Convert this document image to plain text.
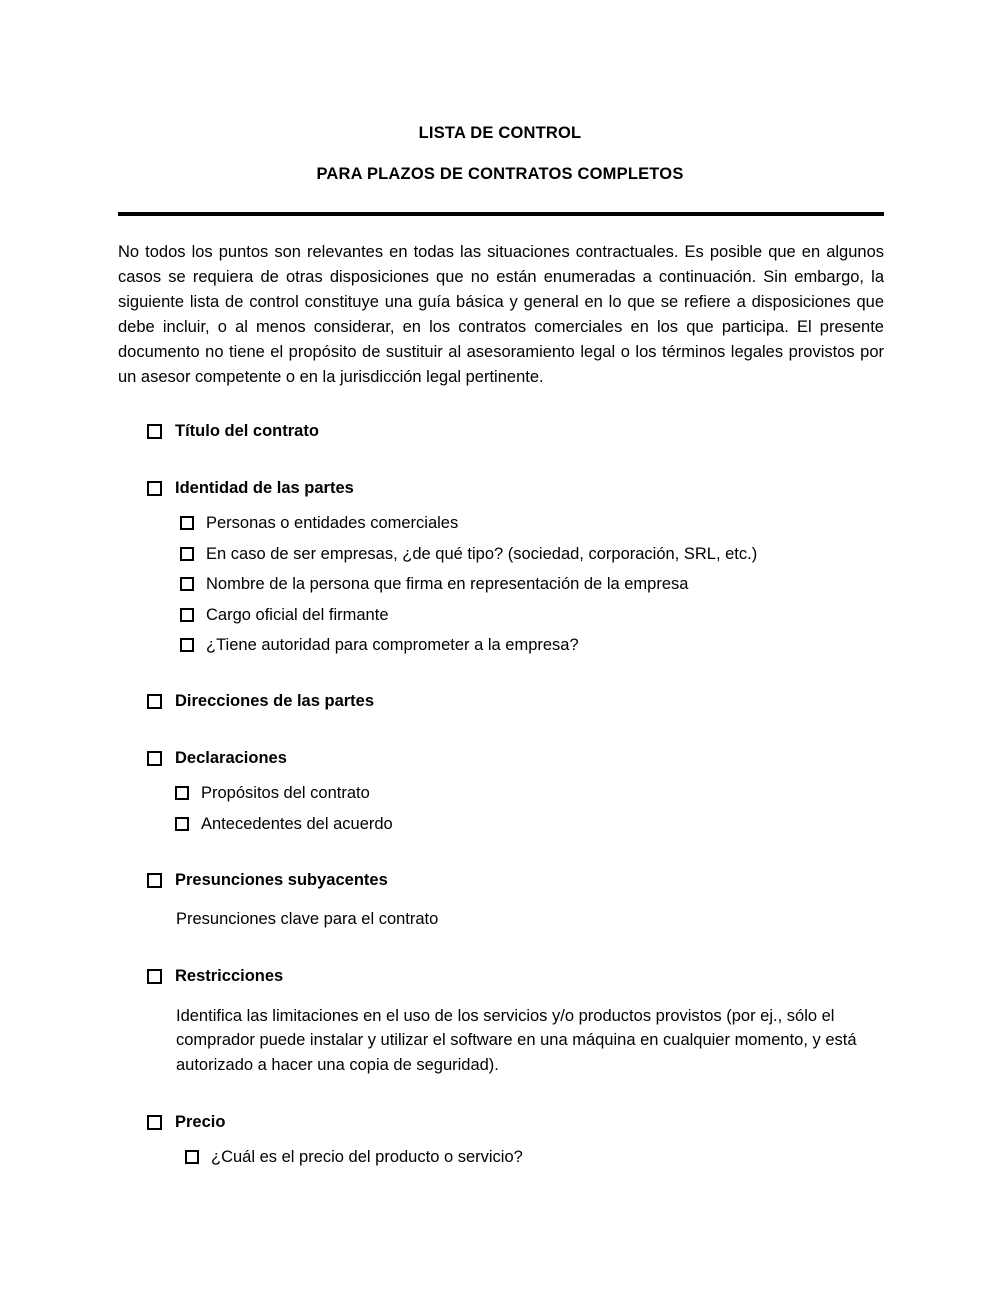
LISTA DE CONTROL
PARA PLAZOS DE CONTRATOS COMPLETOS

No todos los puntos son relevantes en todas las situaciones contractuales. Es posible que en algunos casos se requiera de otras disposiciones que no están enumeradas a continuación. Sin embargo, la siguiente lista de control constituye una guía básica y general en lo que se refiere a disposiciones que debe incluir, o al menos considerar, en los contratos comerciales en los que participa. El presente documento no tiene el propósito de sustituir al asesoramiento legal o los términos legales provistos por un asesor competente o en la jurisdicción legal pertinente.

Título del contrato
Identidad de las partes
Personas o entidades comerciales
En caso de ser empresas, ¿de qué tipo? (sociedad, corporación, SRL, etc.)
Nombre de la persona que firma en representación de la empresa
Cargo oficial del firmante
¿Tiene autoridad para comprometer a la empresa?
Direcciones de las partes
Declaraciones
Propósitos del contrato
Antecedentes del acuerdo
Presunciones subyacentes

Presunciones clave para el contrato

Restricciones

Identifica las limitaciones en el uso de los servicios y/o productos provistos (por ej., sólo el comprador puede instalar y utilizar el software en una máquina en cualquier momento, y está autorizado a hacer una copia de seguridad).

Precio
¿Cuál es el precio del producto o servicio?
